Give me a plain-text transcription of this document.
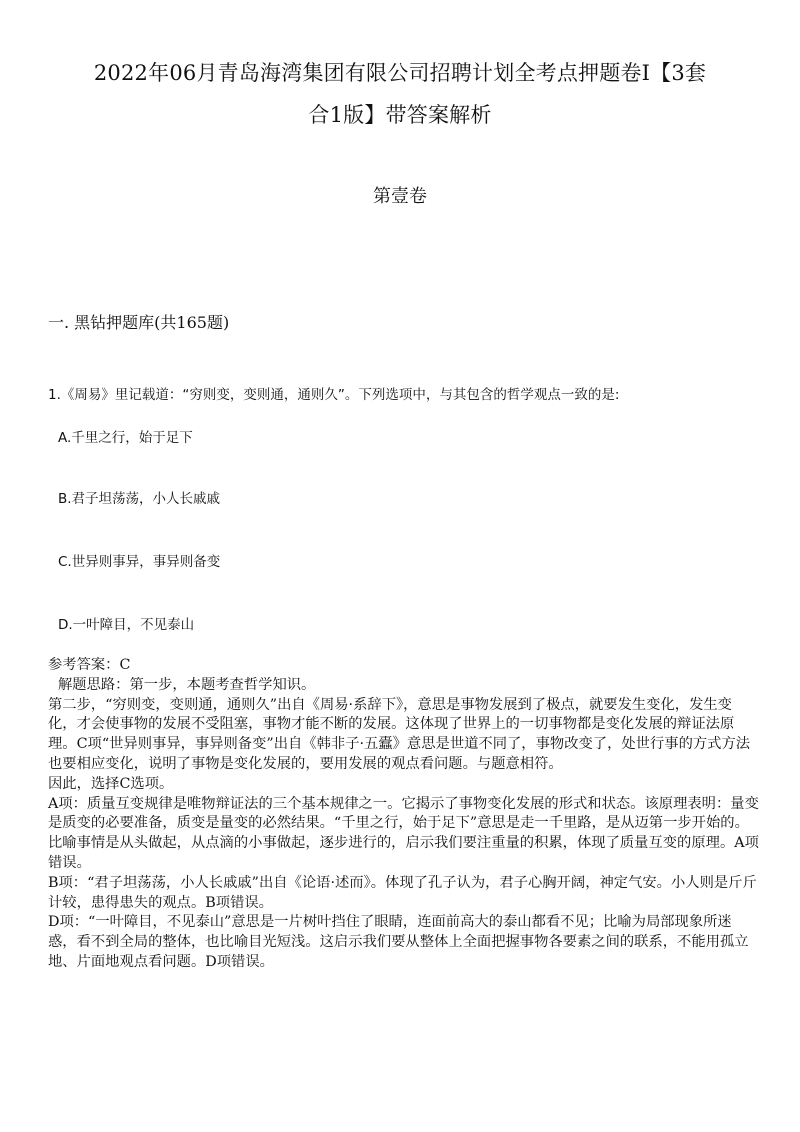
2022年06月青岛海湾集团有限公司招聘计划全考点押题卷Ⅰ【3套
合1版】带答案解析
第壹卷
一. 黑钻押题库(共165题)
1.《周易》里记载道：“穷则变，变则通，通则久”。下列选项中，与其包含的哲学观点一致的是:
A.千里之行，始于足下
B.君子坦荡荡，小人长戚戚
C.世异则事异，事异则备变
D.一叶障目，不见泰山

参考答案：C

解题思路：第一步，本题考查哲学知识。

第二步，“穷则变，变则通，通则久”出自《周易·系辞下》，意思是事物发展到了极点，就要发生变化，发生变化，才会使事物的发展不受阻塞，事物才能不断的发展。这体现了世界上的一切事物都是变化发展的辩证法原理。C项“世异则事异，事异则备变”出自《韩非子·五蠹》意思是世道不同了，事物改变了，处世行事的方式方法也要相应变化，说明了事物是变化发展的，要用发展的观点看问题。与题意相符。

因此，选择C选项。

A项：质量互变规律是唯物辩证法的三个基本规律之一。它揭示了事物变化发展的形式和状态。该原理表明：量变是质变的必要准备，质变是量变的必然结果。“千里之行，始于足下”意思是走一千里路，是从迈第一步开始的。比喻事情是从头做起，从点滴的小事做起，逐步进行的，启示我们要注重量的积累，体现了质量互变的原理。A项错误。

B项：“君子坦荡荡，小人长戚戚”出自《论语·述而》。体现了孔子认为，君子心胸开阔，神定气安。小人则是斤斤计较，患得患失的观点。B项错误。

D项：“一叶障目，不见泰山”意思是一片树叶挡住了眼睛，连面前高大的泰山都看不见；比喻为局部现象所迷惑，看不到全局的整体，也比喻目光短浅。这启示我们要从整体上全面把握事物各要素之间的联系，不能用孤立地、片面地观点看问题。D项错误。
